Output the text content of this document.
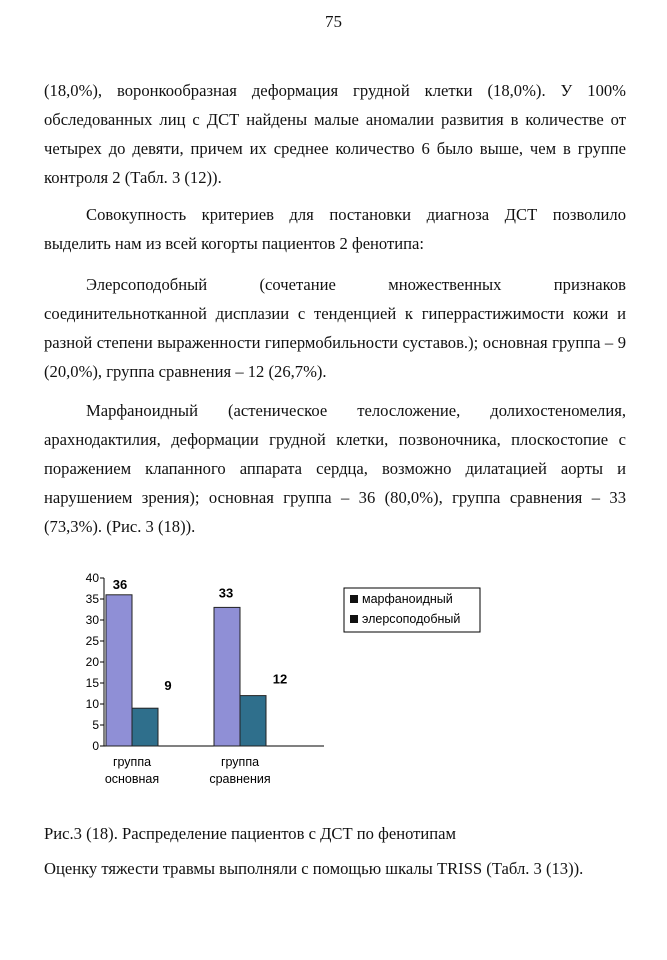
75

(18,0%), воронкообразная деформация грудной клетки (18,0%). У 100% обследованных лиц с ДСТ найдены малые аномалии развития в количестве от четырех до девяти, причем их среднее количество 6 было выше, чем в группе контроля 2 (Табл. 3 (12)).

Совокупность критериев для постановки диагноза ДСТ позволило выделить нам из всей когорты пациентов 2 фенотипа:

Элерсоподобный (сочетание множественных признаков соединительнотканной дисплазии с тенденцией к гиперрастижимости кожи и разной степени выраженности гипермобильности суставов.); основная группа – 9 (20,0%), группа сравнения – 12 (26,7%).

Марфаноидный (астеническое телосложение, долихостеномелия, арахнодактилия, деформации грудной клетки, позвоночника, плоскостопие с поражением клапанного аппарата сердца, возможно дилатацией аорты и нарушением зрения); основная группа – 36 (80,0%), группа сравнения – 33 (73,3%). (Рис. 3 (18)).

0
5
10
15
20
25
30
35
40 36
33
9	12
группа
основная
группа
сравнения
марфаноидный
элерсоподобный
Рис.3 (18). Распределение пациентов с ДСТ по фенотипам
Оценку тяжести травмы выполняли с помощью шкалы TRISS (Табл. 3 (13)).
